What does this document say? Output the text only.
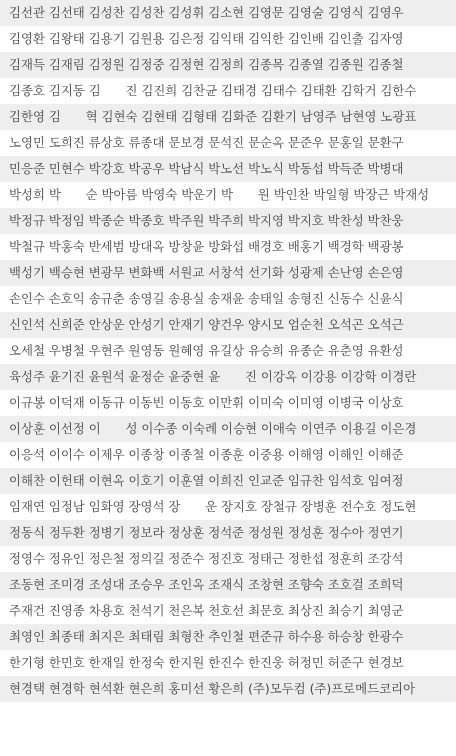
김선관 김선태 김성찬 김성찬 김성휘 김소현 김영문 김영술 김영식 김영우
김영환 김왕태 김용기 김원용 김은정 김익태 김익한 김인배 김인출 김자영
김재득 김재림 김정원 김정중 김정현 김정희 김종목 김종열 김종원 김종철
김종호 김지동 김　　진 김진희 김찬균 김태경 김태수 김태환 김학거 김한수
김한영 김　　혁 김현숙 김현태 김형태 김화준 김환기 남영주 남현영 노광표
노영민 도희진 류상호 류종대 문보경 문석진 문순옥 문준우 문홍일 문환구
민응준 민현수 박강호 박공우 박남식 박노선 박노식 박동섭 박득준 박병대
박성희 박　　순 박아름 박영숙 박운기 박　　원 박인찬 박일형 박장근 박재성
박정규 박정임 박종순 박종호 박주원 박주희 박지영 박지호 박찬성 박찬웅
박철규 박홍숙 반세범 방대옥 방창윤 방화섭 배경호 배홍기 백경학 백광봉
백성기 백승현 변광무 변화백 서원교 서창석 선기화 성광제 손난영 손은영
손인수 손호익 송규춘 송영길 송용실 송재윤 송태일 송형진 신동수 신윤식
신인석 신희준 안상운 안성기 안재기 양건우 양시모 엄순천 오석곤 오석근
오세철 우병철 우현주 원영동 원혜영 유길상 유승희 유종순 유춘영 유환성
육성주 윤기진 윤원석 윤정순 윤중현 윤　　진 이강옥 이강용 이강학 이경란
이규봉 이덕재 이동규 이동빈 이동호 이만휘 이미숙 이미영 이병국 이상호
이상훈 이선정 이　　성 이수종 이숙례 이승현 이애숙 이연주 이용길 이은경
이응석 이이수 이제우 이종창 이종철 이종훈 이중용 이해영 이해인 이해준
이해찬 이헌태 이현옥 이호기 이훈열 이희진 인교준 임규찬 임석호 임여정
임재연 임정남 임화영 장영석 장　　운 장지호 장철규 장병훈 전수호 정도현
정동식 정두환 정병기 정보라 정상훈 정석준 정성원 정성훈 정수아 정연기
정영수 정유인 정은철 정의길 정준수 정진호 정태근 정한섭 정훈희 조강석
조동현 조미경 조성대 조승우 조인옥 조재식 조창현 조향숙 조호걸 조희덕
주재건 진영종 차용호 천석기 천은복 천호선 최문호 최상진 최승기 최영군
최영인 최종태 최지은 최태림 최형찬 추인철 편준규 하수용 하승창 한광수
한기형 한민호 한재일 한정숙 한지원 한진수 한진웅 허정민 허준구 현경보
현경택 현경학 현석환 현은희 홍미선 황은희 (주)모두컴 (주)프로메드코리아
